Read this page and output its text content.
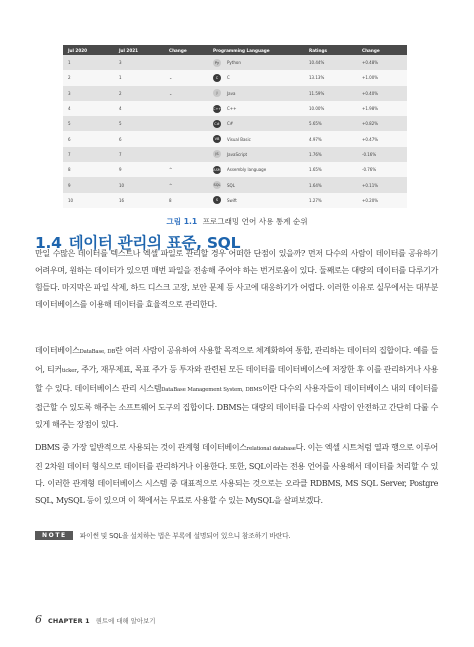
Jul 2020	Jul 2021	Change	Programming Language	Ratings	Change
1	3		Py Python	10.44%	+0.48%
2	1	⌄	C C	13.13%	+1.00%
3	2	⌄	J Java	11.59%	+0.40%
4	4		C++ C++	10.00%	+1.98%
5	5		C# C#	5.65%	+0.82%
6	6		VB Visual Basic	4.97%	+0.47%
7	7		JS JavaScript	1.76%	-0.16%
8	9	^	ASM Assembly language	1.65%	-0.76%
9	10	^	SQL SQL	1.64%	+0.11%
10	16	8	S Swift	1.27%	+0.20%
그림 1.1 프로그래밍 언어 사용 통계 순위
1.4 데이터 관리의 표준, SQL

만일 수많은 데이터를 텍스트나 엑셀 파일로 관리할 경우 어떠한 단점이 있을까? 먼저 다수의 사람이 데이터를 공유하기 어려우며, 원하는 데이터가 있으면 매번 파일을 전송해 주어야 하는 번거로움이 있다. 둘째로는 대량의 데이터를 다루기가 힘들다. 마지막은 파일 삭제, 하드 디스크 고장, 보안 문제 등 사고에 대응하기가 어렵다. 이러한 이유로 실무에서는 대부분 데이터베이스를 이용해 데이터를 효율적으로 관리한다.

데이터베이스DataBase, DB란 여러 사람이 공유하여 사용할 목적으로 체계화하여 통합, 관리하는 데이터의 집합이다. 예를 들어, 티커ticker, 주가, 재무제표, 목표 주가 등 투자와 관련된 모든 데이터를 데이터베이스에 저장한 후 이를 관리하거나 사용할 수 있다. 데이터베이스 관리 시스템DataBase Management System, DBMS이란 다수의 사용자들이 데이터베이스 내의 데이터를 접근할 수 있도록 해주는 소프트웨어 도구의 집합이다. DBMS는 대량의 데이터를 다수의 사람이 안전하고 간단히 다룰 수 있게 해주는 장점이 있다.

DBMS 중 가장 일반적으로 사용되는 것이 관계형 데이터베이스relational database다. 이는 엑셀 시트처럼 열과 행으로 이루어진 2차원 데이터 형식으로 데이터를 관리하거나 이용한다. 또한, SQL이라는 전용 언어를 사용해서 데이터를 처리할 수 있다. 이러한 관계형 데이터베이스 시스템 중 대표적으로 사용되는 것으로는 오라클 RDBMS, MS SQL Server, Postgre SQL, MySQL 등이 있으며 이 책에서는 무료로 사용할 수 있는 MySQL을 살펴보겠다.

NOTE	파이썬 및 SQL을 설치하는 법은 부록에 설명되어 있으니 참조하기 바란다.
6 CHAPTER 1 퀀트에 대해 알아보기
